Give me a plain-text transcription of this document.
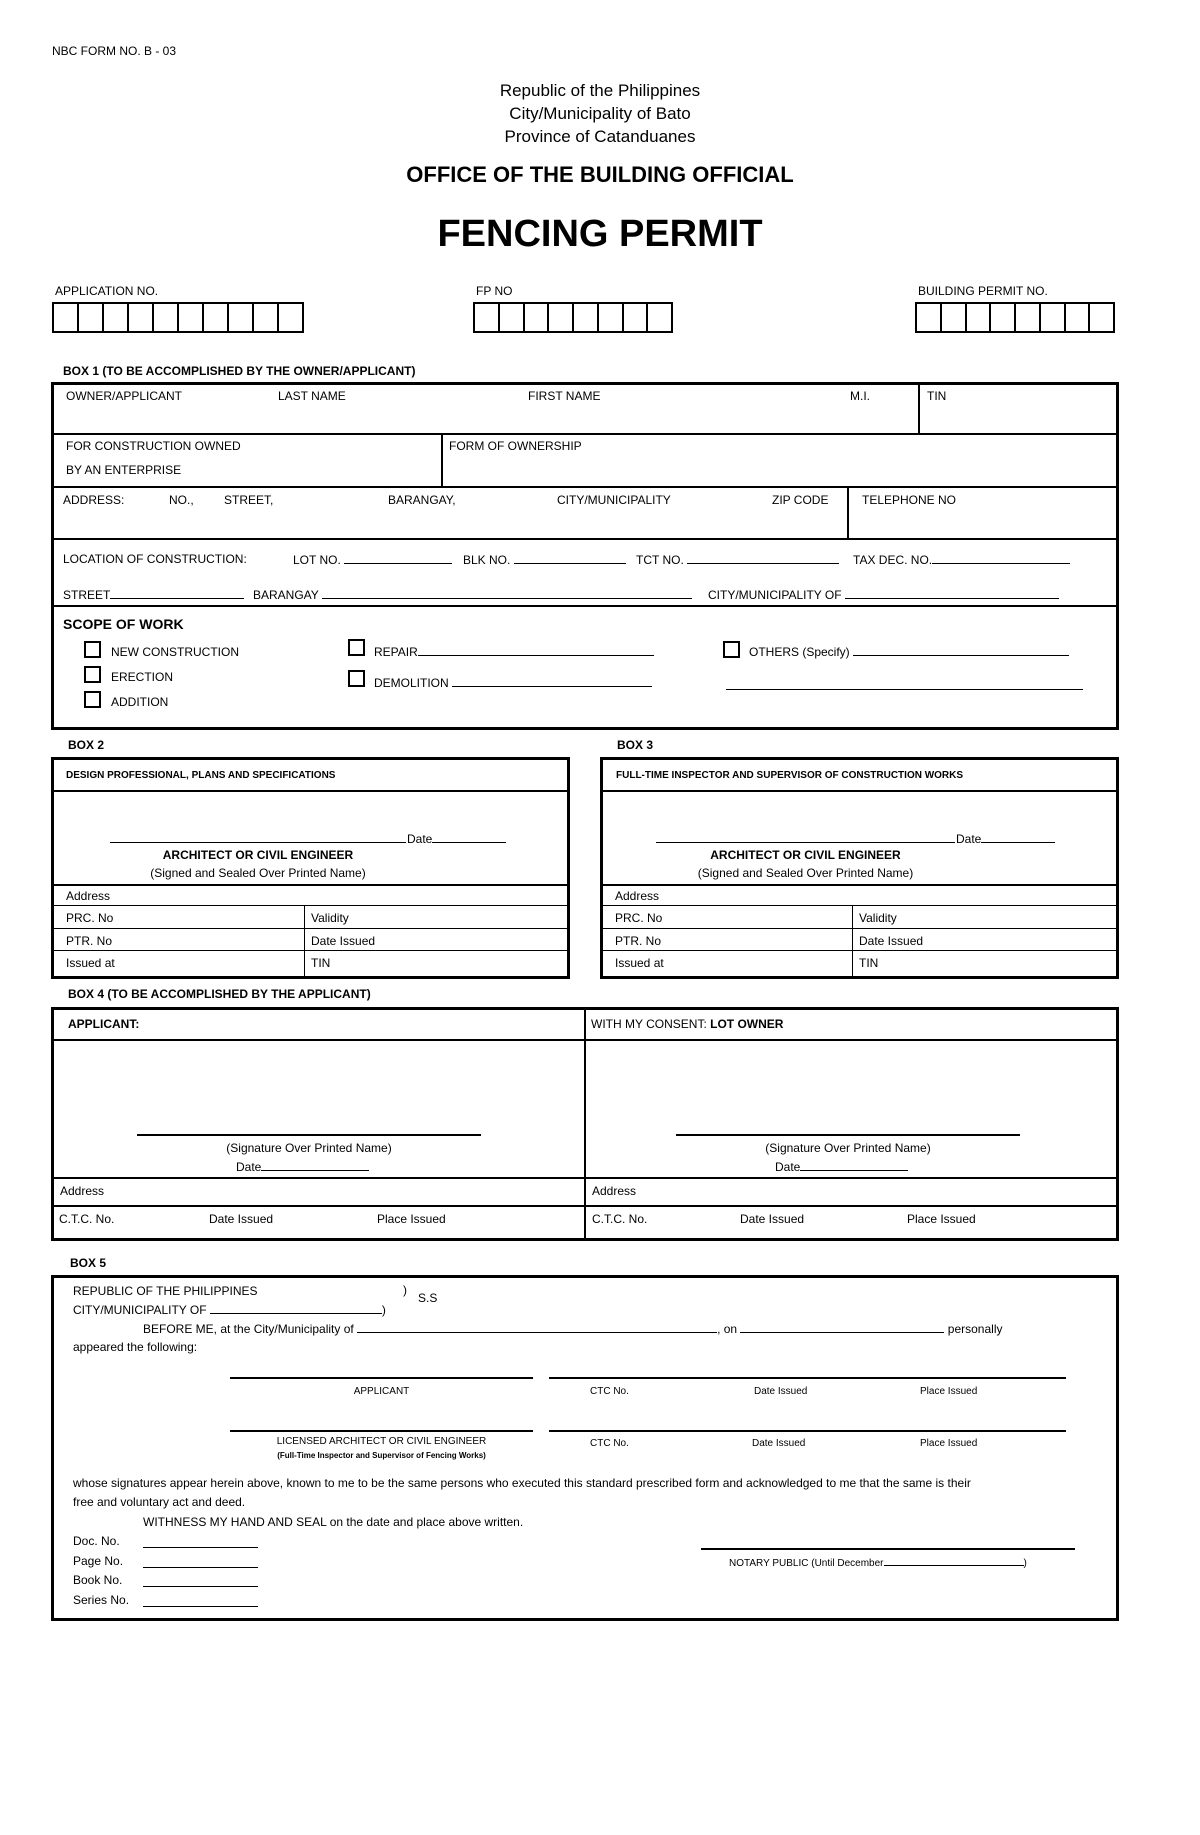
NBC FORM NO. B - 03
Republic of the Philippines
City/Municipality of Bato
Province of Catanduanes
OFFICE OF THE BUILDING OFFICIAL
FENCING PERMIT
APPLICATION NO.	FP NO	BUILDING PERMIT NO.
BOX 1 (TO BE ACCOMPLISHED BY THE OWNER/APPLICANT)
OWNER/APPLICANT	LAST NAME	FIRST NAME	M.I.	TIN
FOR CONSTRUCTION OWNED
BY AN ENTERPRISE
FORM OF OWNERSHIP
ADDRESS:	NO.,	STREET,	BARANGAY,	CITY/MUNICIPALITY	ZIP CODE	TELEPHONE NO
LOCATION OF CONSTRUCTION:	LOT NO.	BLK NO.	TCT NO.	TAX DEC. NO.
STREET	BARANGAY	CITY/MUNICIPALITY OF
SCOPE OF WORK
NEW CONSTRUCTION
ERECTION
ADDITION
REPAIR
DEMOLITION
OTHERS (Specify)
BOX 2
DESIGN PROFESSIONAL, PLANS AND SPECIFICATIONS
Date
ARCHITECT OR CIVIL ENGINEER
(Signed and Sealed Over Printed Name)
Address
PRC. No	Validity
PTR. No	Date Issued
Issued at	TIN
BOX 3
FULL-TIME INSPECTOR AND SUPERVISOR OF CONSTRUCTION WORKS
Date
ARCHITECT OR CIVIL ENGINEER
(Signed and Sealed Over Printed Name)
Address
PRC. No	Validity
PTR. No	Date Issued
Issued at	TIN
BOX 4 (TO BE ACCOMPLISHED BY THE APPLICANT)
APPLICANT:	WITH MY CONSENT: LOT OWNER
(Signature Over Printed Name)
Date
(Signature Over Printed Name)
Date
Address	Address
C.T.C. No.	Date Issued	Place Issued	C.T.C. No.	Date Issued	Place Issued
BOX 5
REPUBLIC OF THE PHILIPPINES	)
S.S
CITY/MUNICIPALITY OF	)
BEFORE ME, at the City/Municipality of	, on	personally
appeared the following:
APPLICANT	CTC No.	Date Issued	Place Issued
LICENSED ARCHITECT OR CIVIL ENGINEER
(Full-Time Inspector and Supervisor of Fencing Works)
CTC No.	Date Issued	Place Issued
whose signatures appear herein above, known to me to be the same persons who executed this standard prescribed form and acknowledged to me that the same is their
free and voluntary act and deed.
WITHNESS MY HAND AND SEAL on the date and place above written.
Doc. No.
Page No.
Book No.
Series No.
NOTARY PUBLIC (Until December	)
